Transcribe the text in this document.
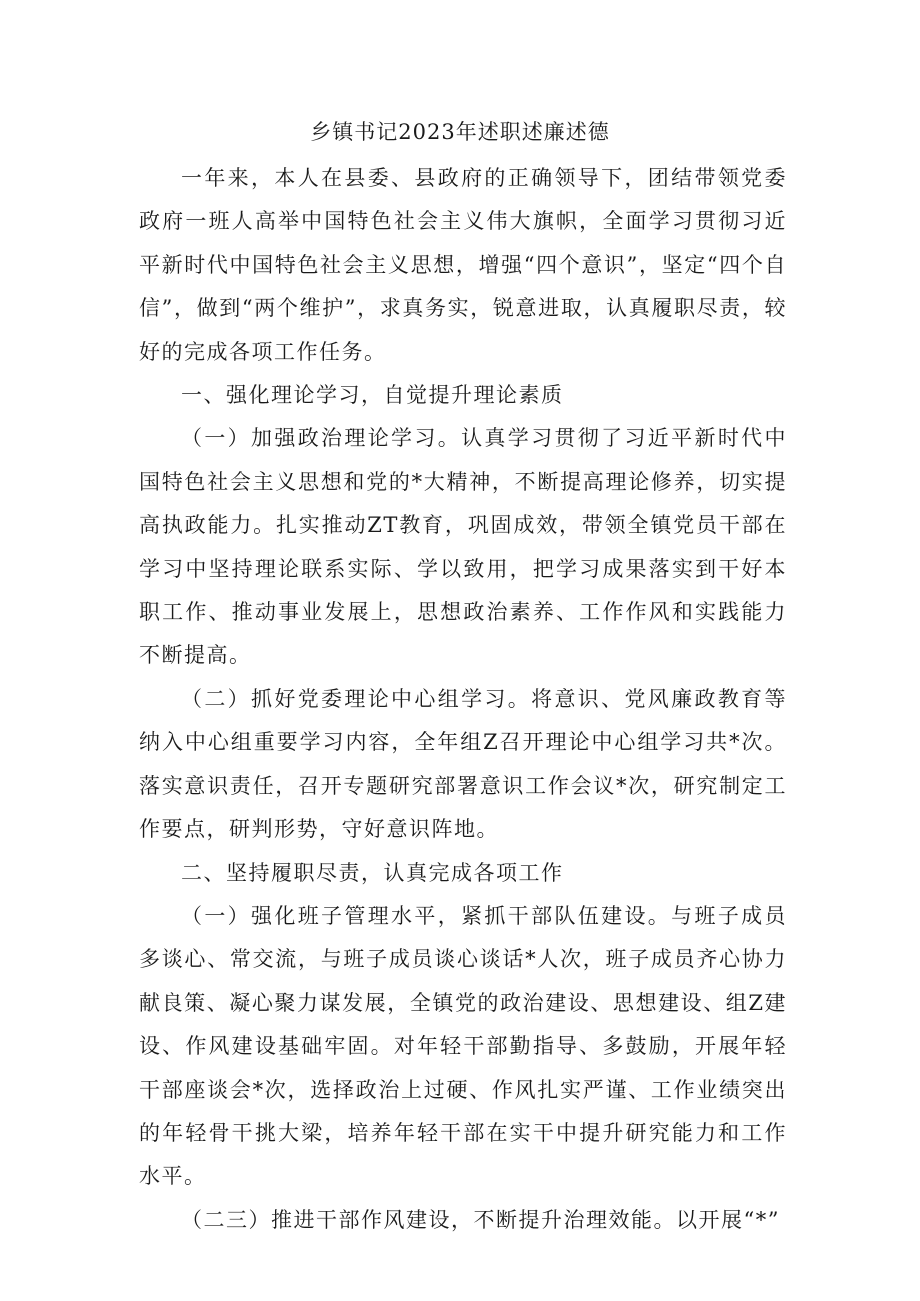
乡镇书记2023年述职述廉述德

一年来，本人在县委、县政府的正确领导下，团结带领党委政府一班人高举中国特色社会主义伟大旗帜，全面学习贯彻习近平新时代中国特色社会主义思想，增强“四个意识”，坚定“四个自信”，做到“两个维护”，求真务实，锐意进取，认真履职尽责，较好的完成各项工作任务。

一、强化理论学习，自觉提升理论素质

（一）加强政治理论学习。认真学习贯彻了习近平新时代中国特色社会主义思想和党的*大精神，不断提高理论修养，切实提高执政能力。扎实推动ZT教育，巩固成效，带领全镇党员干部在学习中坚持理论联系实际、学以致用，把学习成果落实到干好本职工作、推动事业发展上，思想政治素养、工作作风和实践能力不断提高。

（二）抓好党委理论中心组学习。将意识、党风廉政教育等纳入中心组重要学习内容，全年组Z召开理论中心组学习共*次。落实意识责任，召开专题研究部署意识工作会议*次，研究制定工作要点，研判形势，守好意识阵地。

二、坚持履职尽责，认真完成各项工作

（一）强化班子管理水平，紧抓干部队伍建设。与班子成员多谈心、常交流，与班子成员谈心谈话*人次，班子成员齐心协力献良策、凝心聚力谋发展，全镇党的政治建设、思想建设、组Z建设、作风建设基础牢固。对年轻干部勤指导、多鼓励，开展年轻干部座谈会*次，选择政治上过硬、作风扎实严谨、工作业绩突出的年轻骨干挑大梁，培养年轻干部在实干中提升研究能力和工作水平。

（二三）推进干部作风建设，不断提升治理效能。以开展“*”
